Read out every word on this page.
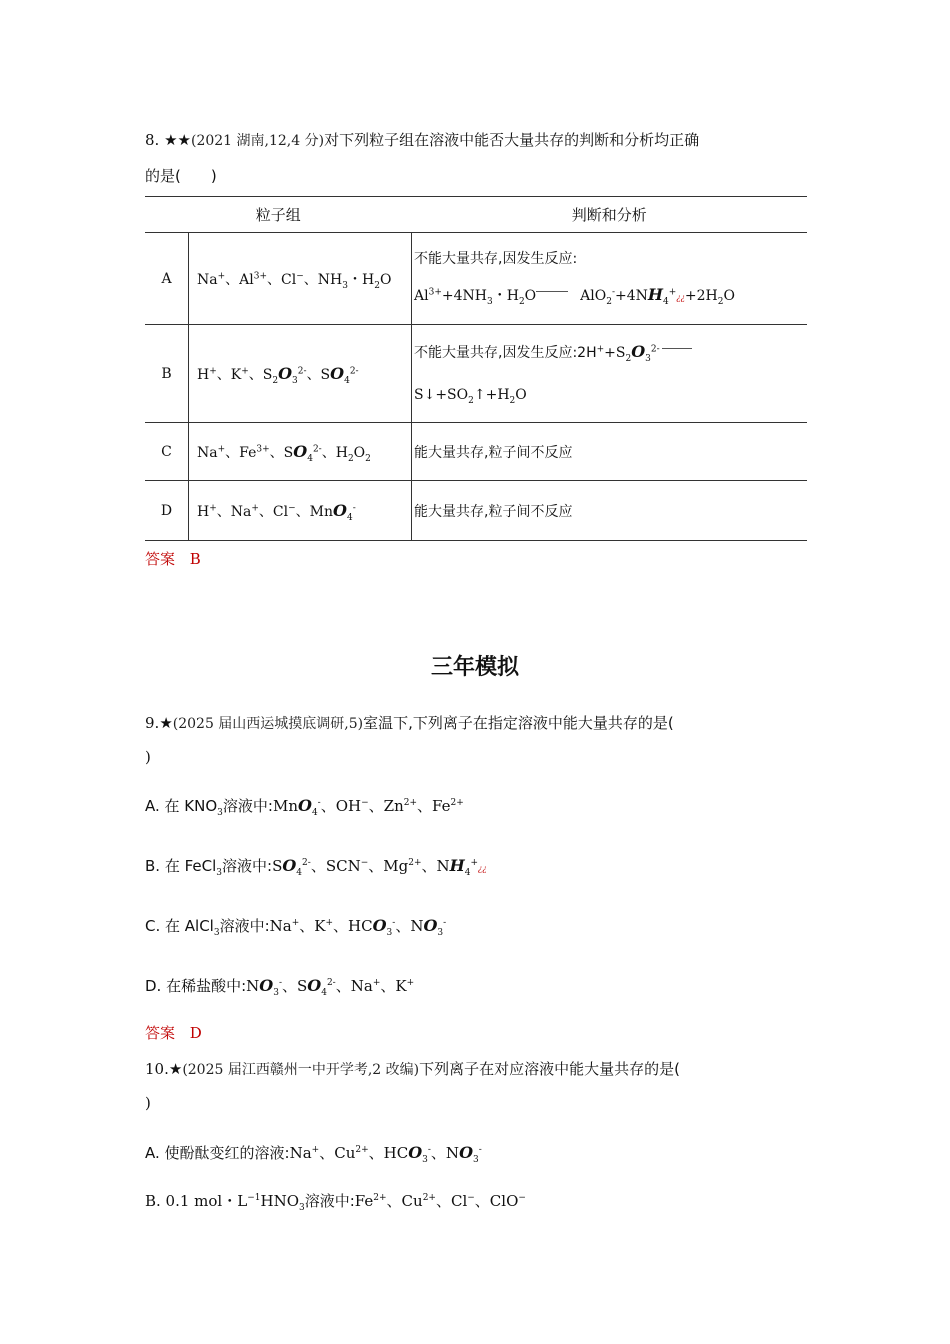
8. ★★(2021 湖南,12,4 分)对下列粒子组在溶液中能否大量共存的判断和分析均正确
的是(　　)
粒子组		判断和分析
A	Na+、$Al^{3+}$、Cl−、$NH_3$・$H_2O$	不能大量共存,因发生反应:
$Al^{3+}+4NH_3$・$H_2O$ $AlO_2^-+4NH_4^+¿¿+2H_2O$

B	H+、K+、$S_2O_3^{2-}$、$SO_4^{2-}$	不能大量共存,因发生反应$:2H^++S_2O_3^{2-}$
$S↓+SO_2↑+H_2O$

C	Na+、$Fe^{3+}$、$SO_4^{2-}$、$H_2O_2$	能大量共存,粒子间不反应
D	H+、Na+、Cl−、MnO$_4$-	能大量共存,粒子间不反应
答案 B
三年模拟
9.★(2025 届山西运城摸底调研,5)室温下,下列离子在指定溶液中能大量共存的是(
)
A. 在 $KNO_3$溶液中:MnO$_4$-、OH−、$Zn^{2+}$、$Fe^{2+}$
B. 在 FeCl$_3$溶液中$:SO_4^{2-}$、SCN−、$Mg^{2+}$、$NH_4^+¿¿$
C. 在 AlCl$_3$溶液中:Na+、K+、$HCO_3^-$、$NO_3^-$
D. 在稀盐酸中$:NO_3^-$、$SO_4^{2-}$、Na+、K+
答案 D
10.★(2025 届江西赣州一中开学考,2 改编)下列离子在对应溶液中能大量共存的是(
)
A. 使酚酞变红的溶液:Na+、$Cu^{2+}$、$HCO_3^-$、$NO_3^-$
B. 0.1 mol・$L^{-1}HNO_3$溶液中$:Fe^{2+}$、$Cu^{2+}$、Cl−、ClO−
